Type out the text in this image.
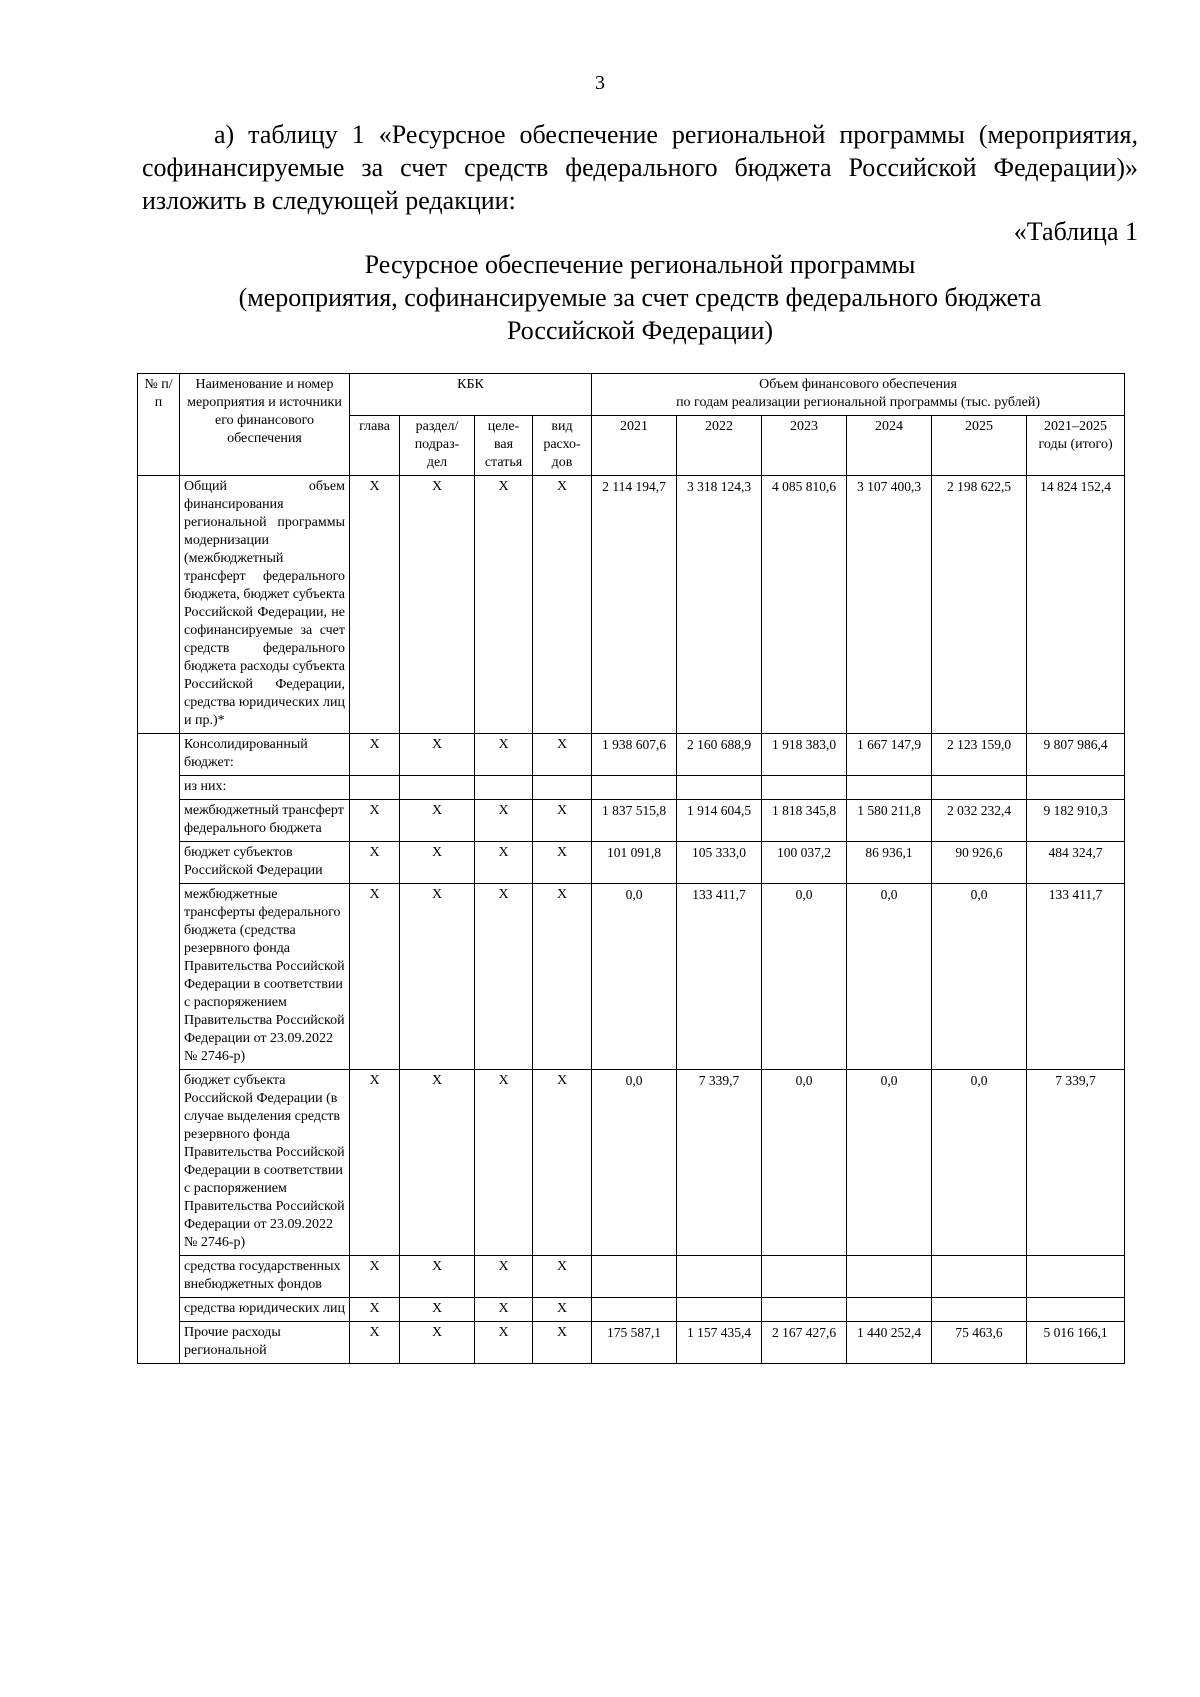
3

а) таблицу 1 «Ресурсное обеспечение региональной программы (мероприятия, софинансируемые за счет средств федерального бюджета Российской Федерации)» изложить в следующей редакции:

«Таблица 1
Ресурсное обеспечение региональной программы
(мероприятия, софинансируемые за счет средств федерального бюджета
Российской Федерации)
№ п/п	Наименование и номер мероприятия и источники его финансового обеспечения	КБК				Объем финансового обеспечения
по годам реализации региональной программы (тыс. рублей)					

		глава	раздел/ подраз- дел	целе- вая статья	вид расхо- дов	2021	2022	2023	2024	2025	2021–2025 годы (итого)
	Общий объем финансирования региональной программы модернизации (межбюджетный трансферт федерального бюджета, бюджет субъекта Российской Федерации, не софинансируемые за счет средств федерального бюджета расходы субъекта Российской Федерации, средства юридических лиц и пр.)*	X	X	X	X	2 114 194,7	3 318 124,3	4 085 810,6	3 107 400,3	2 198 622,5	14 824 152,4
	Консолидированный бюджет:	X	X	X	X	1 938 607,6	2 160 688,9	1 918 383,0	1 667 147,9	2 123 159,0	9 807 986,4
	из них:										
	межбюджетный трансферт федерального бюджета	X	X	X	X	1 837 515,8	1 914 604,5	1 818 345,8	1 580 211,8	2 032 232,4	9 182 910,3
	бюджет субъектов Российской Федерации	X	X	X	X	101 091,8	105 333,0	100 037,2	86 936,1	90 926,6	484 324,7
	межбюджетные трансферты федерального бюджета (средства резервного фонда Правительства Российской Федерации в соответствии с распоряжением Правительства Российской Федерации от 23.09.2022 № 2746-р)	X	X	X	X	0,0	133 411,7	0,0	0,0	0,0	133 411,7
	бюджет субъекта Российской Федерации (в случае выделения средств резервного фонда Правительства Российской Федерации в соответствии с распоряжением Правительства Российской Федерации от 23.09.2022 № 2746-р)	X	X	X	X	0,0	7 339,7	0,0	0,0	0,0	7 339,7
	средства государственных внебюджетных фондов	X	X	X	X						
	средства юридических лиц	X	X	X	X						
	Прочие расходы региональной	X	X	X	X	175 587,1	1 157 435,4	2 167 427,6	1 440 252,4	75 463,6	5 016 166,1
